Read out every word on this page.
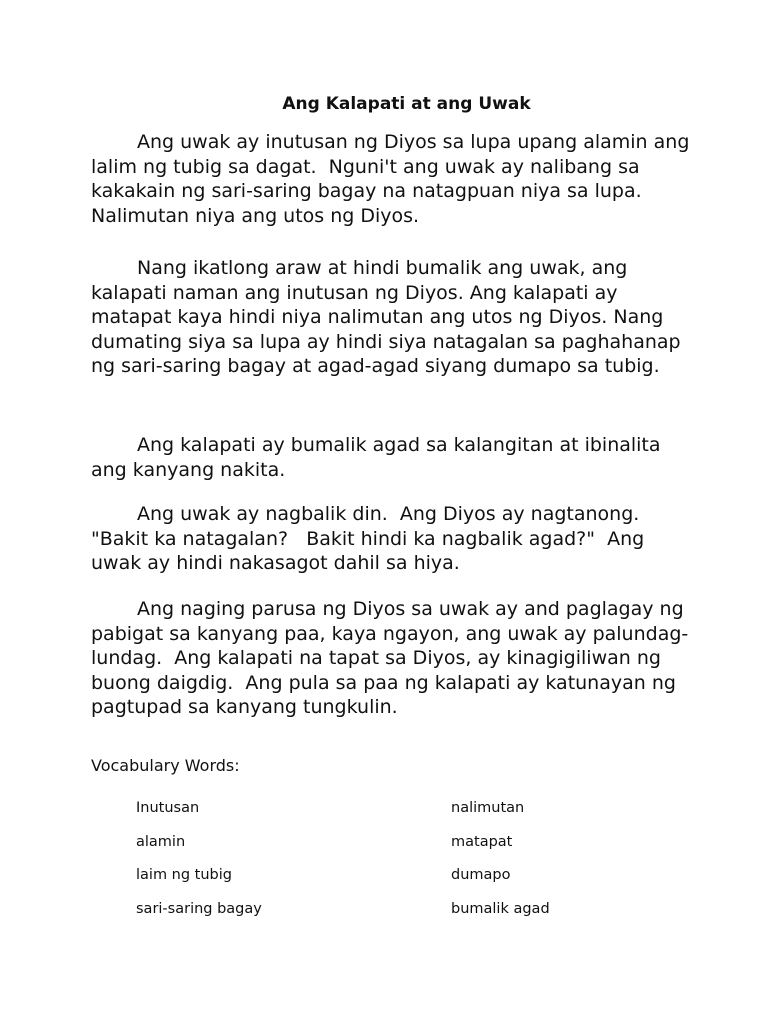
Ang Kalapati at ang Uwak

Ang uwak ay inutusan ng Diyos sa lupa upang alamin ang lalim ng tubig sa dagat.  Nguni't ang uwak ay nalibang sa kakakain ng sari-saring bagay na natagpuan niya sa lupa.  Nalimutan niya ang utos ng Diyos.

Nang ikatlong araw at hindi bumalik ang uwak, ang kalapati naman ang inutusan ng Diyos. Ang kalapati ay matapat kaya hindi niya nalimutan ang utos ng Diyos. Nang dumating siya sa lupa ay hindi siya natagalan sa paghahanap ng sari-saring bagay at agad-agad siyang dumapo sa tubig.

Ang kalapati ay bumalik agad sa kalangitan at ibinalita ang kanyang nakita.

Ang uwak ay nagbalik din.  Ang Diyos ay nagtanong. "Bakit ka natagalan?   Bakit hindi ka nagbalik agad?"  Ang uwak ay hindi nakasagot dahil sa hiya.

Ang naging parusa ng Diyos sa uwak ay and paglagay ng pabigat sa kanyang paa, kaya ngayon, ang uwak ay palundag-lundag.  Ang kalapati na tapat sa Diyos, ay kinagigiliwan ng buong daigdig.  Ang pula sa paa ng kalapati ay katunayan ng pagtupad sa kanyang tungkulin.

Vocabulary Words:
Inutusan	nalimutan
alamin	matapat
laim ng tubig	dumapo
sari-saring bagay	bumalik agad
